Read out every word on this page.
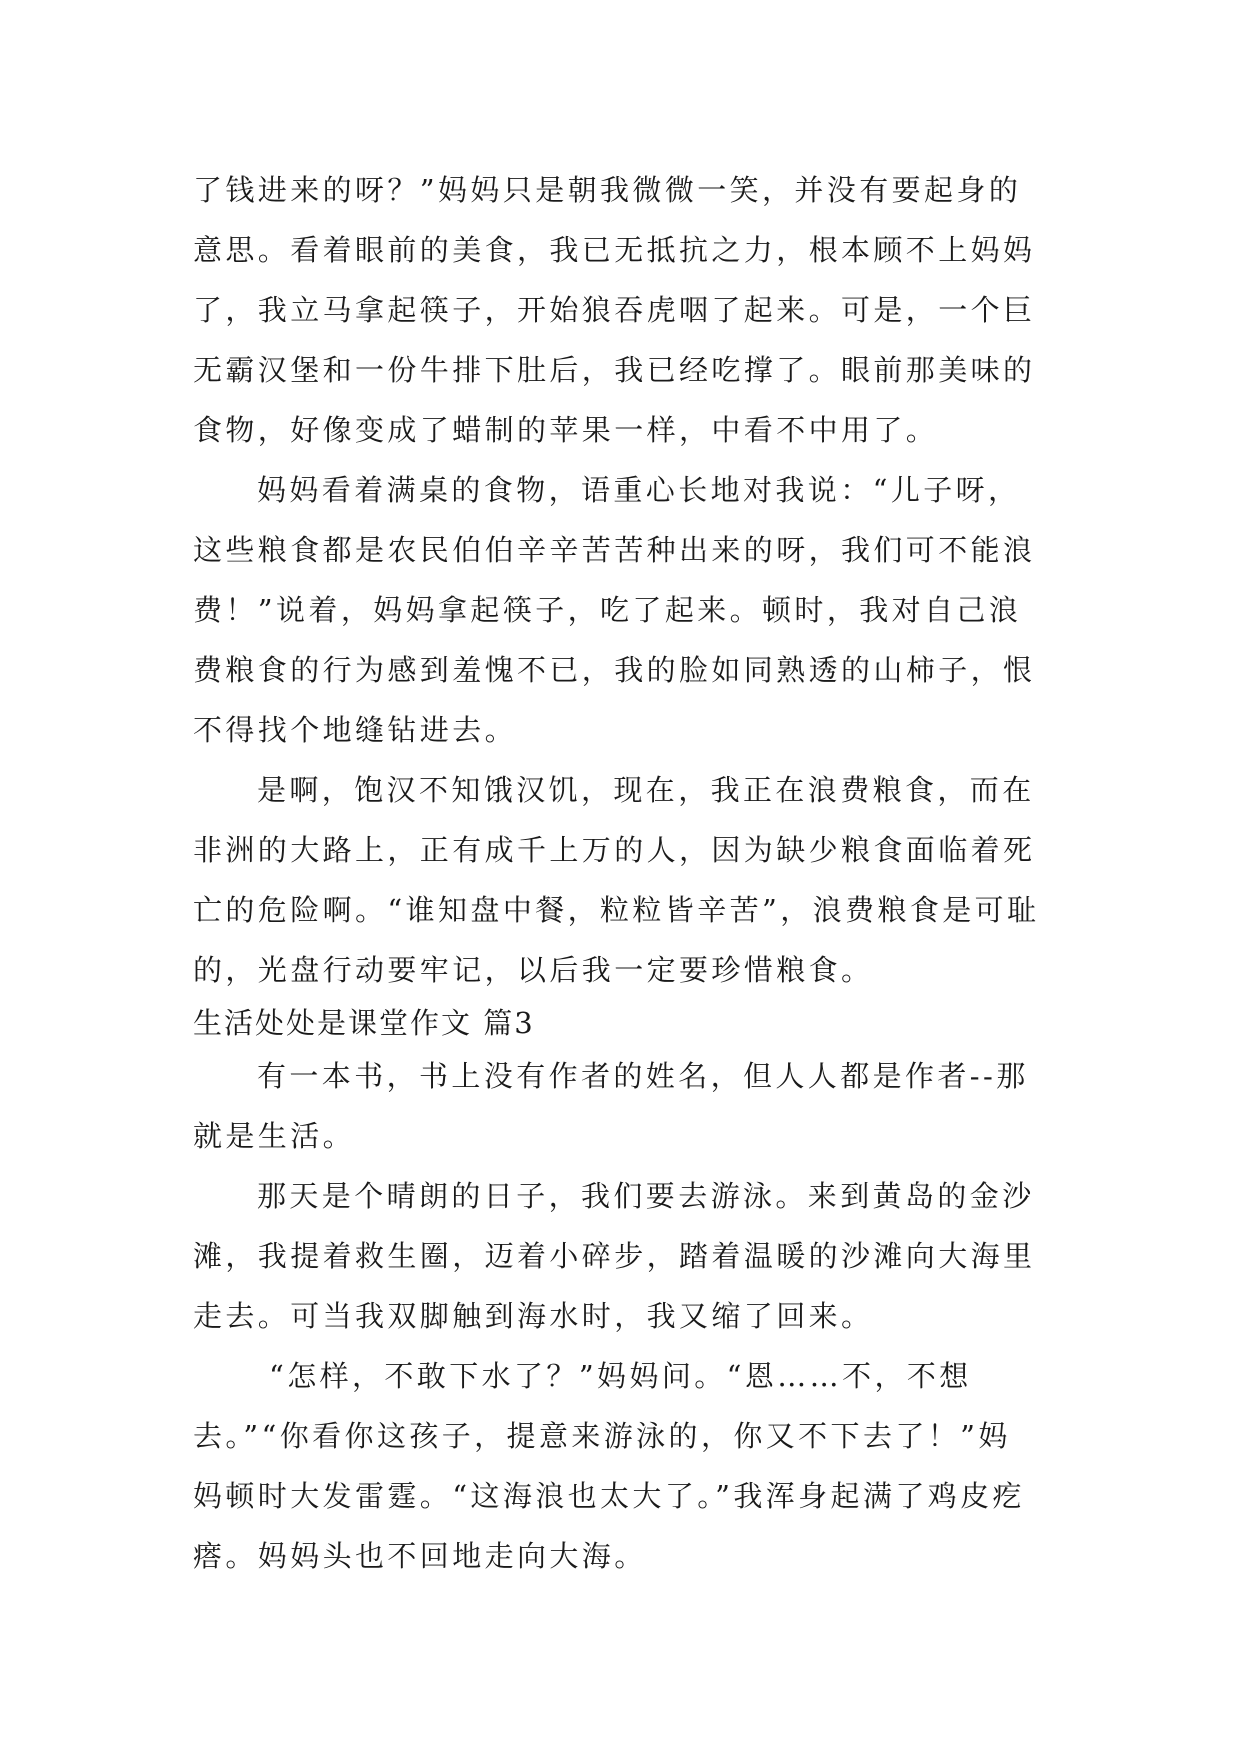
了钱进来的呀？”妈妈只是朝我微微一笑，并没有要起身的
意思。看着眼前的美食，我已无抵抗之力，根本顾不上妈妈
了，我立马拿起筷子，开始狼吞虎咽了起来。可是，一个巨
无霸汉堡和一份牛排下肚后，我已经吃撑了。眼前那美味的
食物，好像变成了蜡制的苹果一样，中看不中用了。
妈妈看着满桌的食物，语重心长地对我说：“儿子呀，
这些粮食都是农民伯伯辛辛苦苦种出来的呀，我们可不能浪
费！”说着，妈妈拿起筷子，吃了起来。顿时，我对自己浪
费粮食的行为感到羞愧不已，我的脸如同熟透的山柿子，恨
不得找个地缝钻进去。
是啊，饱汉不知饿汉饥，现在，我正在浪费粮食，而在
非洲的大路上，正有成千上万的人，因为缺少粮食面临着死
亡的危险啊。“谁知盘中餐，粒粒皆辛苦”，浪费粮食是可耻
的，光盘行动要牢记，以后我一定要珍惜粮食。
生活处处是课堂作文 篇3
有一本书，书上没有作者的姓名，但人人都是作者--那
就是生活。
那天是个晴朗的日子，我们要去游泳。来到黄岛的金沙
滩，我提着救生圈，迈着小碎步，踏着温暖的沙滩向大海里
走去。可当我双脚触到海水时，我又缩了回来。
“怎样，不敢下水了？”妈妈问。“恩……不，不想
去。”“你看你这孩子，提意来游泳的，你又不下去了！”妈
妈顿时大发雷霆。“这海浪也太大了。”我浑身起满了鸡皮疙
瘩。妈妈头也不回地走向大海。
